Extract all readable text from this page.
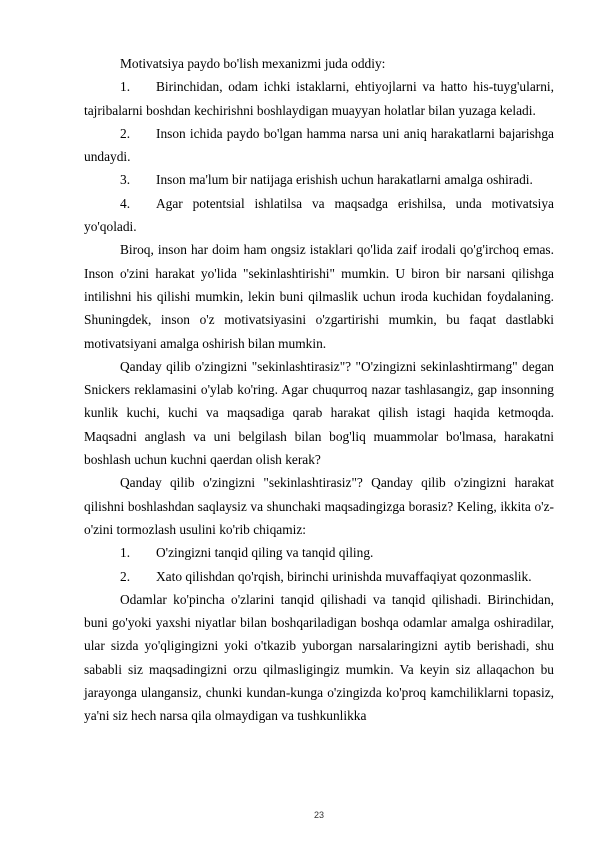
Motivatsiya paydo bo'lish mexanizmi juda oddiy:

1. Birinchidan, odam ichki istaklarni, ehtiyojlarni va hatto his-tuyg'ularni, tajribalarni boshdan kechirishni boshlaydigan muayyan holatlar bilan yuzaga keladi.

2. Inson ichida paydo bo'lgan hamma narsa uni aniq harakatlarni bajarishga undaydi.

3. Inson ma'lum bir natijaga erishish uchun harakatlarni amalga oshiradi.

4. Agar potentsial ishlatilsa va maqsadga erishilsa, unda motivatsiya yo'qoladi.

Biroq, inson har doim ham ongsiz istaklari qo'lida zaif irodali qo'g'irchoq emas. Inson o'zini harakat yo'lida "sekinlashtirishi" mumkin. U biron bir narsani qilishga intilishni his qilishi mumkin, lekin buni qilmaslik uchun iroda kuchidan foydalaning. Shuningdek, inson o'z motivatsiyasini o'zgartirishi mumkin, bu faqat dastlabki motivatsiyani amalga oshirish bilan mumkin.

Qanday qilib o'zingizni "sekinlashtirasiz"? "O'zingizni sekinlashtirmang" degan Snickers reklamasini o'ylab ko'ring. Agar chuqurroq nazar tashlasangiz, gap insonning kunlik kuchi, kuchi va maqsadiga qarab harakat qilish istagi haqida ketmoqda. Maqsadni anglash va uni belgilash bilan bog'liq muammolar bo'lmasa, harakatni boshlash uchun kuchni qaerdan olish kerak?

Qanday qilib o'zingizni "sekinlashtirasiz"? Qanday qilib o'zingizni harakat qilishni boshlashdan saqlaysiz va shunchaki maqsadingizga borasiz? Keling, ikkita o'z-o'zini tormozlash usulini ko'rib chiqamiz:

1. O'zingizni tanqid qiling va tanqid qiling.

2. Xato qilishdan qo'rqish, birinchi urinishda muvaffaqiyat qozonmaslik.

Odamlar ko'pincha o'zlarini tanqid qilishadi va tanqid qilishadi. Birinchidan, buni go'yoki yaxshi niyatlar bilan boshqariladigan boshqa odamlar amalga oshiradilar, ular sizda yo'qligingizni yoki o'tkazib yuborgan narsalaringizni aytib berishadi, shu sababli siz maqsadingizni orzu qilmasligingiz mumkin. Va keyin siz allaqachon bu jarayonga ulangansiz, chunki kundan-kunga o'zingizda ko'proq kamchiliklarni topasiz, ya'ni siz hech narsa qila olmaydigan va tushkunlikka

23
